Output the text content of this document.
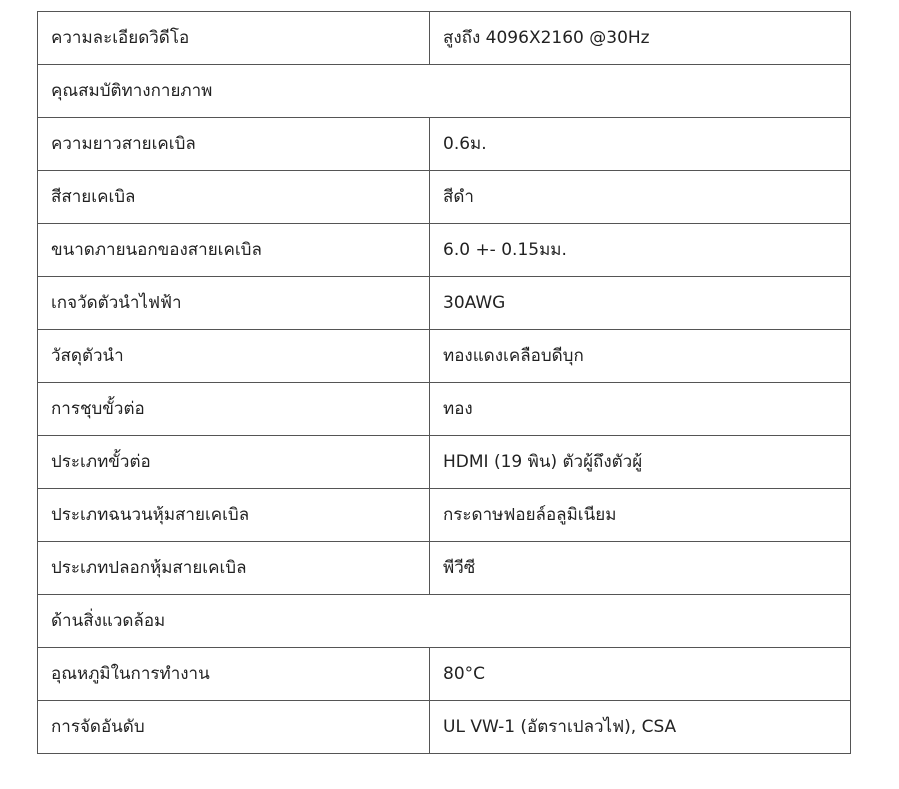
ความละเอียดวิดีโอ	สูงถึง 4096X2160 @30Hz
คุณสมบัติทางกายภาพ	
ความยาวสายเคเบิล	0.6ม.
สีสายเคเบิล	สีดำ
ขนาดภายนอกของสายเคเบิล	6.0 +- 0.15มม.
เกจวัดตัวนำไฟฟ้า	30AWG
วัสดุตัวนำ	ทองแดงเคลือบดีบุก
การชุบขั้วต่อ	ทอง
ประเภทขั้วต่อ	HDMI (19 พิน) ตัวผู้ถึงตัวผู้
ประเภทฉนวนหุ้มสายเคเบิล	กระดาษฟอยล์อลูมิเนียม
ประเภทปลอกหุ้มสายเคเบิล	พีวีซี
ด้านสิ่งแวดล้อม	
อุณหภูมิในการทำงาน	80°C
การจัดอันดับ	UL VW-1 (อัตราเปลวไฟ), CSA
